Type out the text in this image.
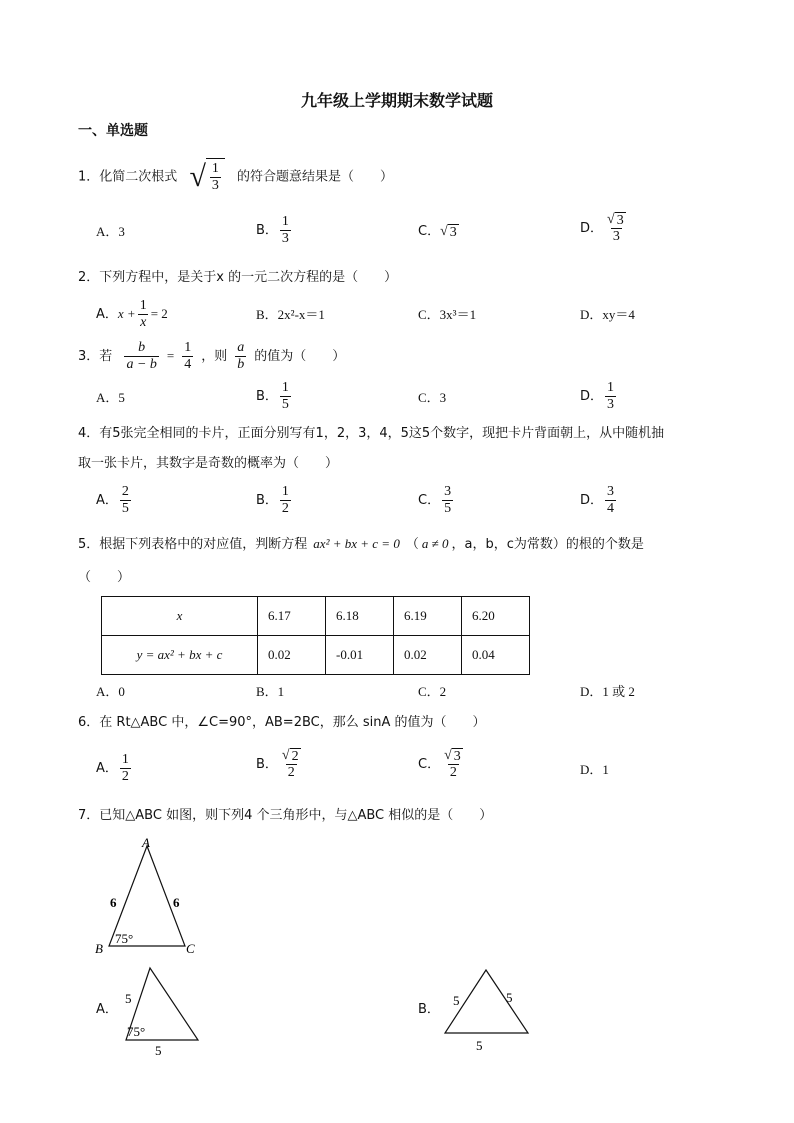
九年级上学期期末数学试题
一、单选题
1．化简二次根式 √ $\frac{1}{3}$ 的符合题意结果是（　　）
A．3	B． $\frac{1}{3}$	C． √ 3	D． $\frac{√ 3}{3}$
2．下列方程中，是关于x 的一元二次方程的是（　　）
A．$x + \frac{1}{x} = 2$	B．2x²-x＝1	C．3x³＝1	D．xy＝4
3．若 $\frac{b}{a - b} = \frac{1}{4}$ ，则 $\frac{a}{b}$ 的值为（　　）
A．5	B． $\frac{1}{5}$	C．3	D． $\frac{1}{3}$
4．有5张完全相同的卡片，正面分别写有1，2，3，4，5这5个数字，现把卡片背面朝上，从中随机抽
取一张卡片，其数字是奇数的概率为（　　）
A． $\frac{2}{5}$	B． $\frac{1}{2}$	C． $\frac{3}{5}$	D． $\frac{3}{4}$
5．根据下列表格中的对应值，判断方程 ax² + bx + c = 0 （ a ≠ 0 ，a，b，c为常数）的根的个数是
（　　）
x	6.17	6.18	6.19	6.20
y = ax² + bx + c	0.02	-0.01	0.02	0.04
A．0	B．1	C．2	D．1 或 2
6．在 Rt△ABC 中，∠C=90°，AB=2BC，那么 sinA 的值为（　　）
A． $\frac{1}{2}$	B． $\frac{√ 2}{2}$	C． $\frac{√ 3}{2}$	D．1
7．已知△ABC 如图，则下列4 个三角形中，与△ABC 相似的是（　　）
A
B	C
6	6
75°
A．
5
75°
5
B．
5	5
5
